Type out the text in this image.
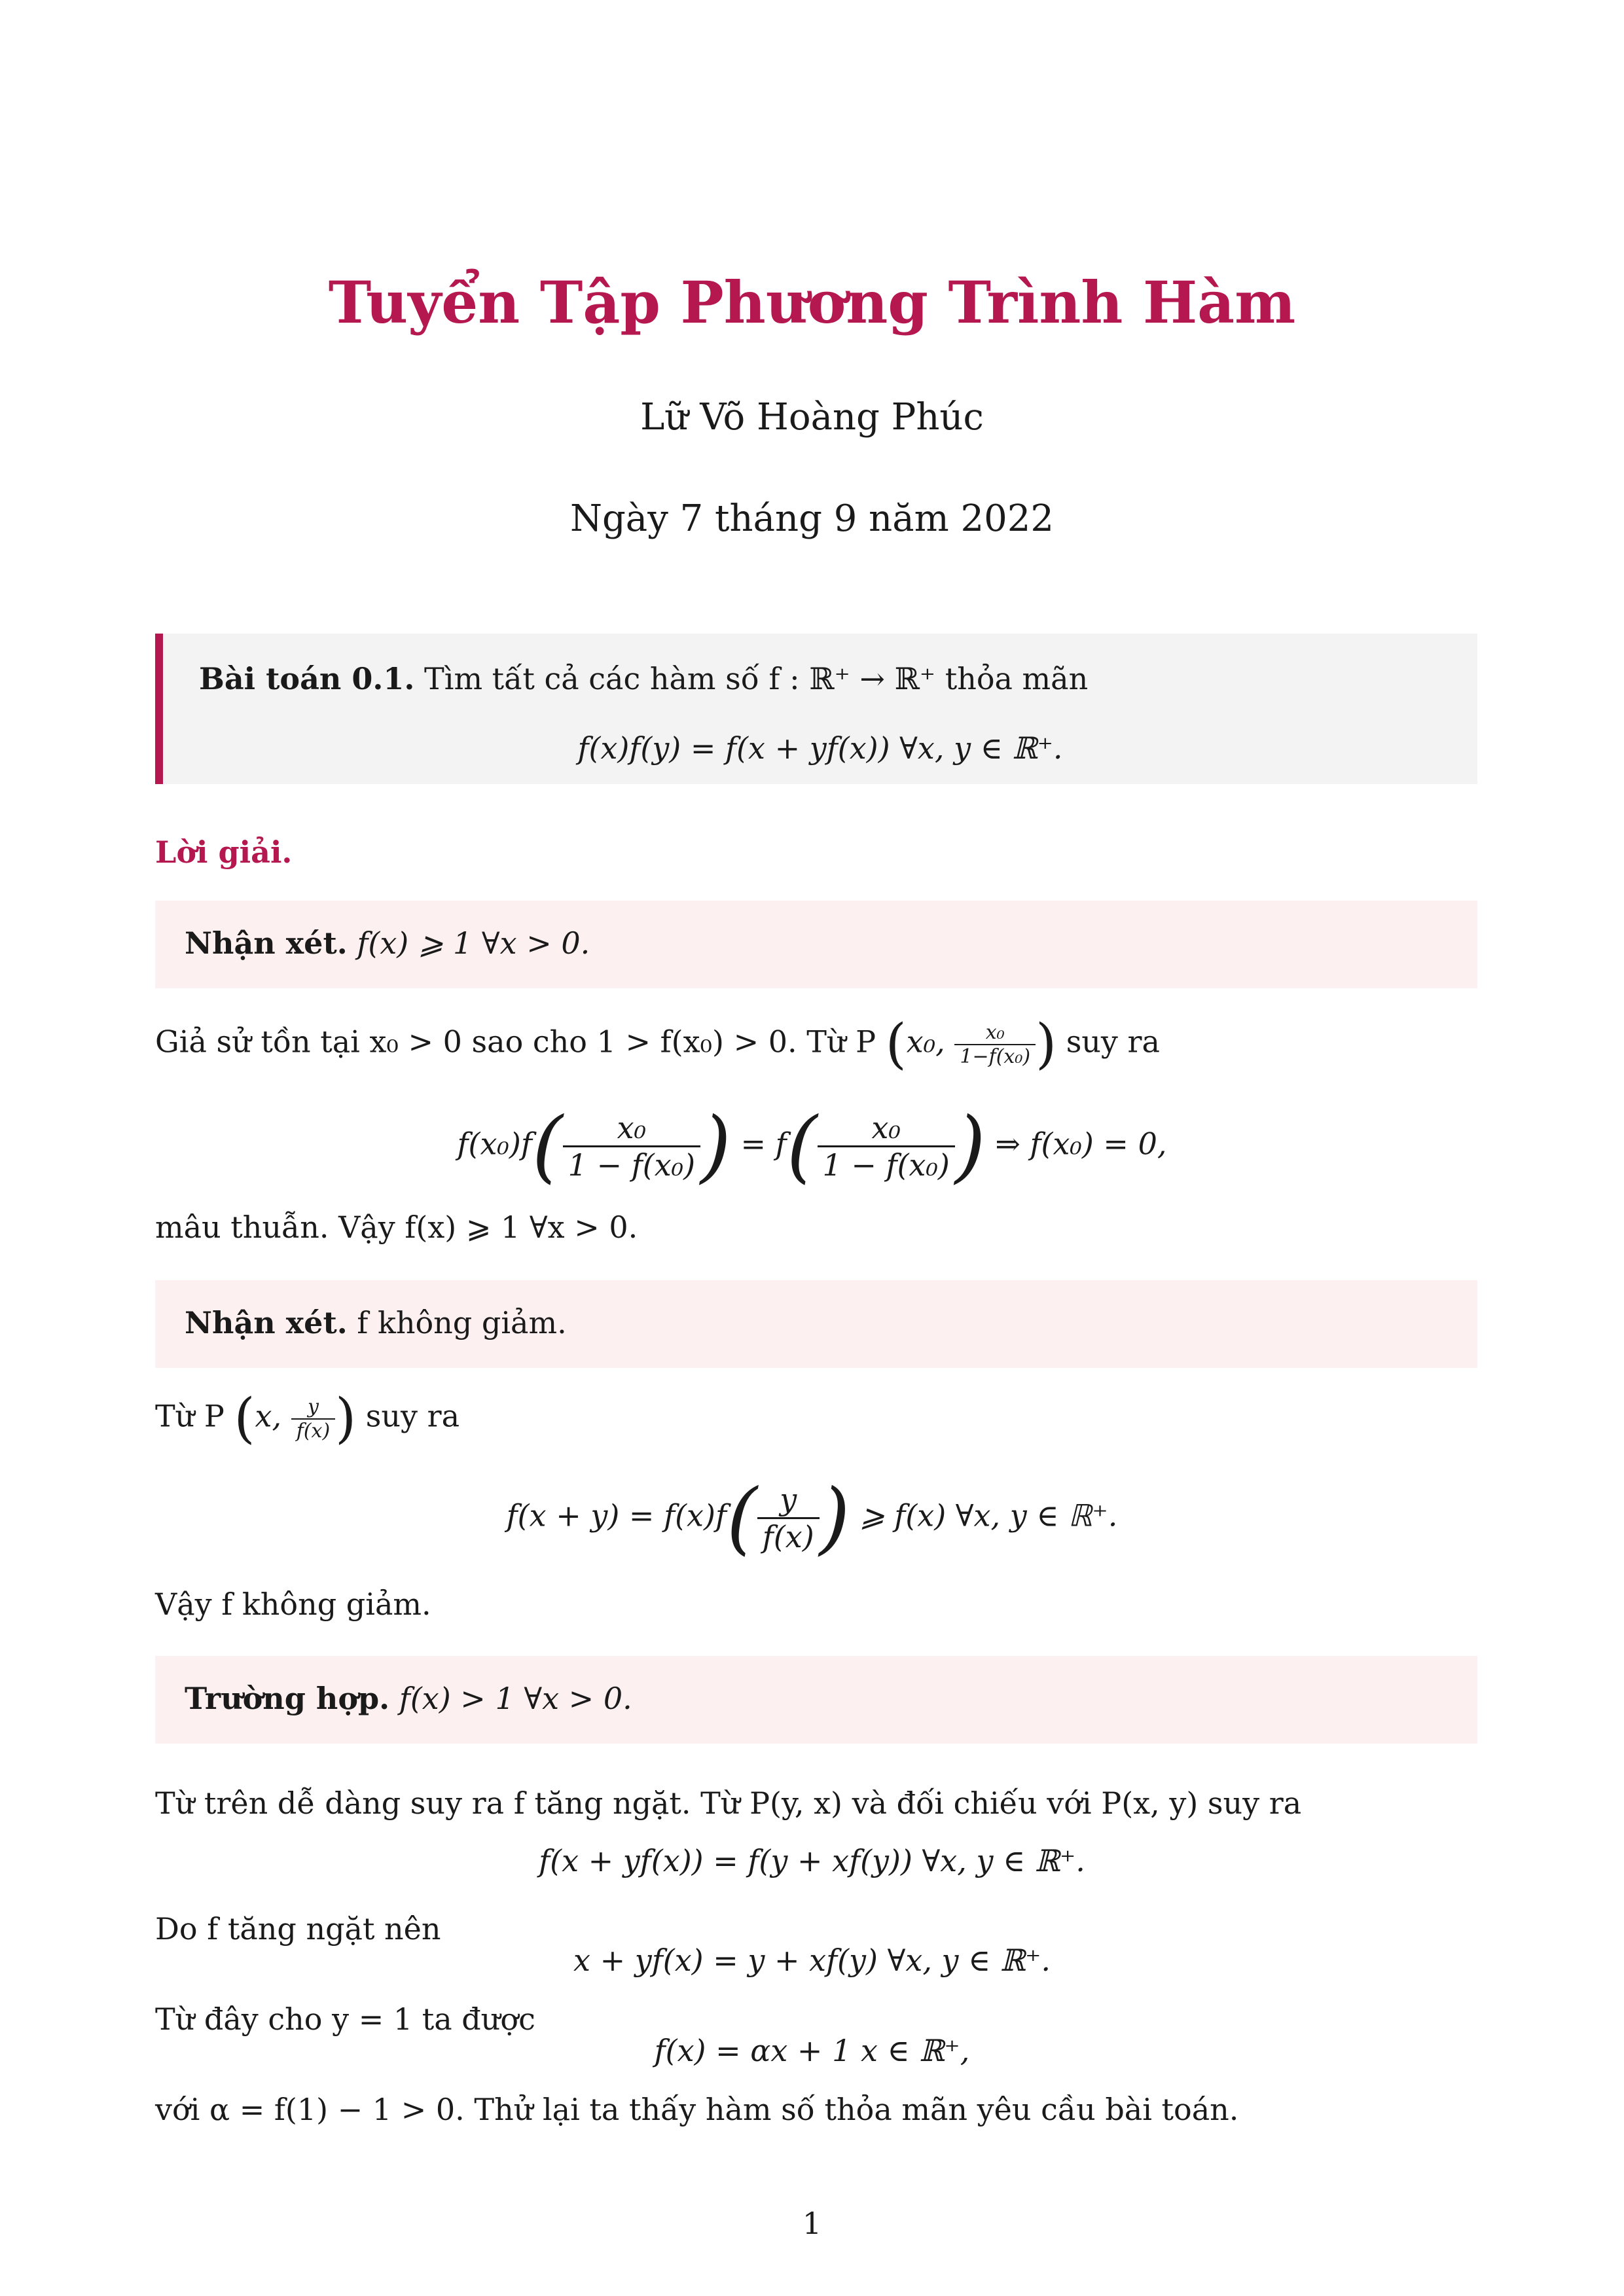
Tuyển Tập Phương Trình Hàm
Lữ Võ Hoàng Phúc
Ngày 7 tháng 9 năm 2022
Bài toán 0.1. Tìm tất cả các hàm số f : ℝ⁺ → ℝ⁺ thỏa mãn
f(x)f(y) = f(x + yf(x)) ∀x, y ∈ ℝ⁺.
Lời giải.
Nhận xét. f(x) ⩾ 1 ∀x > 0.
Giả sử tồn tại x₀ > 0 sao cho 1 > f(x₀) > 0. Từ P (x₀, $\frac{\text{x₀}}{\text{1−f(x₀)}}$ ) suy ra
$f(x_0)f( \frac{\text{x₀}}{\text{1 − f(x₀)}}$ ) = $f( \frac{\text{x₀}}{\text{1 − f(x₀)}}$ ) ⇒ f(x₀) = 0,
mâu thuẫn. Vậy f(x) ⩾ 1 ∀x > 0.
Nhận xét. f không giảm.
Từ P (x, $\frac{y}{f(x)}$ ) suy ra
$f(x + y) = f(x)f( \frac{y}{f(x)}$ ) ⩾ f(x) ∀x, y ∈ ℝ⁺.
Vậy f không giảm.
Trường hợp. f(x) > 1 ∀x > 0.
Từ trên dễ dàng suy ra f tăng ngặt. Từ P(y, x) và đối chiếu với P(x, y) suy ra
f(x + yf(x)) = f(y + xf(y)) ∀x, y ∈ ℝ⁺.
Do f tăng ngặt nên
x + yf(x) = y + xf(y) ∀x, y ∈ ℝ⁺.
Từ đây cho y = 1 ta được
f(x) = αx + 1 x ∈ ℝ⁺,
với α = f(1) − 1 > 0. Thử lại ta thấy hàm số thỏa mãn yêu cầu bài toán.
1
